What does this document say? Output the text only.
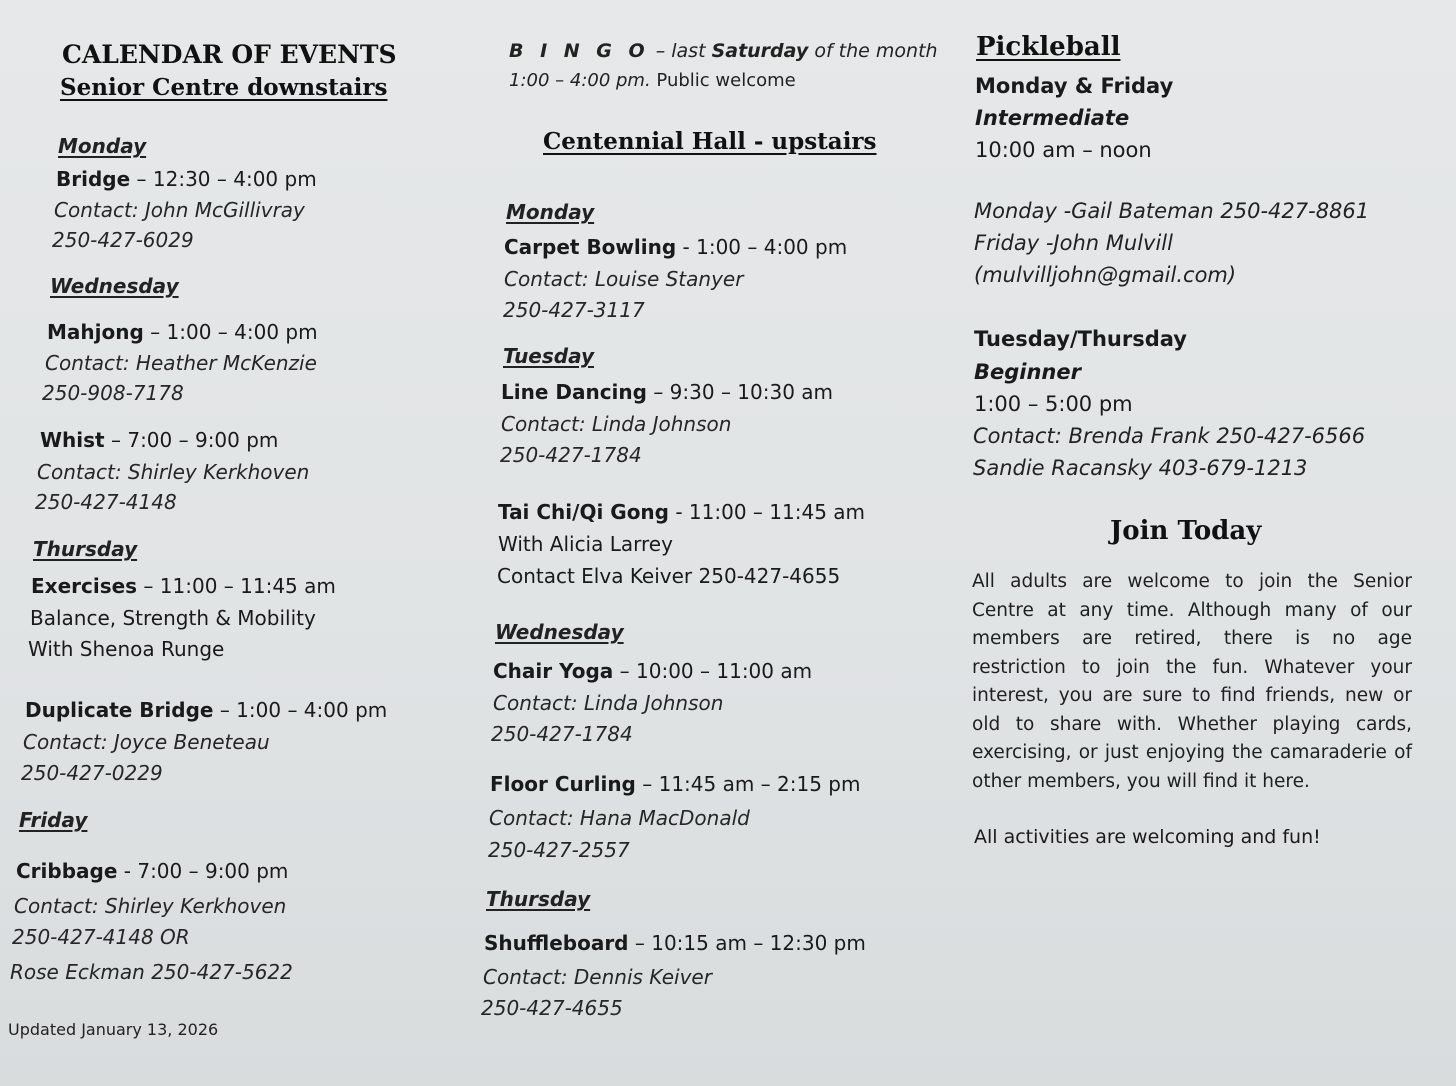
CALENDAR OF EVENTS
Senior Centre downstairs
Monday
Bridge – 12:30 – 4:00 pm
Contact: John McGillivray
250-427-6029
Wednesday
Mahjong – 1:00 – 4:00 pm
Contact: Heather McKenzie
250-908-7178
Whist – 7:00 – 9:00 pm
Contact: Shirley Kerkhoven
250-427-4148
Thursday
Exercises – 11:00 – 11:45 am
Balance, Strength & Mobility
With Shenoa Runge
Duplicate Bridge – 1:00 – 4:00 pm
Contact: Joyce Beneteau
250-427-0229
Friday
Cribbage - 7:00 – 9:00 pm
Contact: Shirley Kerkhoven
250-427-4148 OR
Rose Eckman 250-427-5622
Updated January 13, 2026
B I N G O – last Saturday of the month
1:00 – 4:00 pm. Public welcome
Centennial Hall - upstairs
Monday
Carpet Bowling - 1:00 – 4:00 pm
Contact: Louise Stanyer
250-427-3117
Tuesday
Line Dancing – 9:30 – 10:30 am
Contact: Linda Johnson
250-427-1784
Tai Chi/Qi Gong - 11:00 – 11:45 am
With Alicia Larrey
Contact Elva Keiver 250-427-4655
Wednesday
Chair Yoga – 10:00 – 11:00 am
Contact: Linda Johnson
250-427-1784
Floor Curling – 11:45 am – 2:15 pm
Contact: Hana MacDonald
250-427-2557
Thursday
Shuffleboard – 10:15 am – 12:30 pm
Contact: Dennis Keiver
250-427-4655
Pickleball
Monday & Friday
Intermediate
10:00 am – noon
Monday -Gail Bateman 250-427-8861
Friday -John Mulvill
(mulvilljohn@gmail.com)
Tuesday/Thursday
Beginner
1:00 – 5:00 pm
Contact: Brenda Frank 250-427-6566
Sandie Racansky 403-679-1213
Join Today
All adults are welcome to join the Senior Centre at any time. Although many of our members are retired, there is no age restriction to join the fun. Whatever your interest, you are sure to find friends, new or old to share with. Whether playing cards, exercising, or just enjoying the camaraderie of other members, you will find it here.
All activities are welcoming and fun!
